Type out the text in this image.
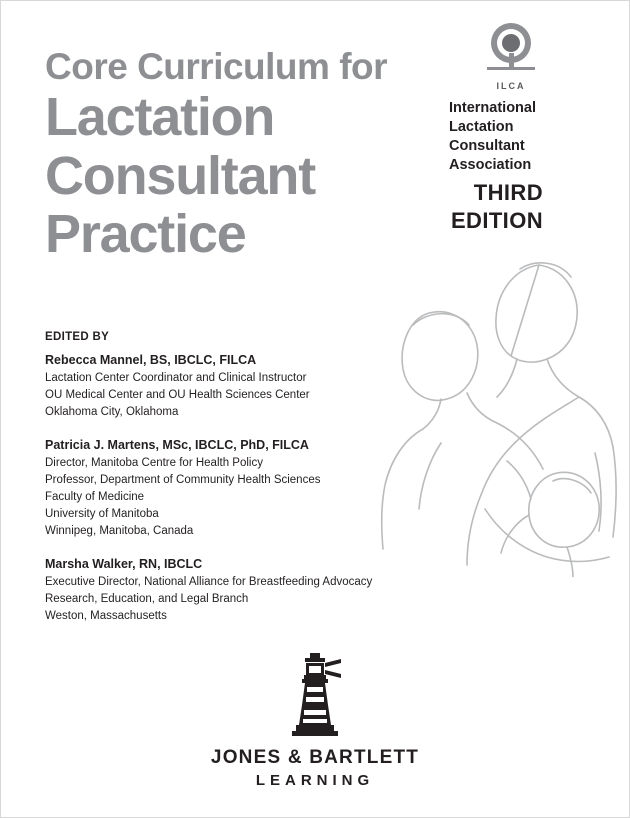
Core Curriculum for
Lactation
Consultant
Practice
ILCA
International
Lactation
Consultant
Association
THIRD
EDITION
EDITED BY
Rebecca Mannel, BS, IBCLC, FILCA
Lactation Center Coordinator and Clinical Instructor
OU Medical Center and OU Health Sciences Center
Oklahoma City, Oklahoma
Patricia J. Martens, MSc, IBCLC, PhD, FILCA
Director, Manitoba Centre for Health Policy
Professor, Department of Community Health Sciences
Faculty of Medicine
University of Manitoba
Winnipeg, Manitoba, Canada
Marsha Walker, RN, IBCLC
Executive Director, National Alliance for Breastfeeding Advocacy
Research, Education, and Legal Branch
Weston, Massachusetts
JONES & BARTLETT
LEARNING
